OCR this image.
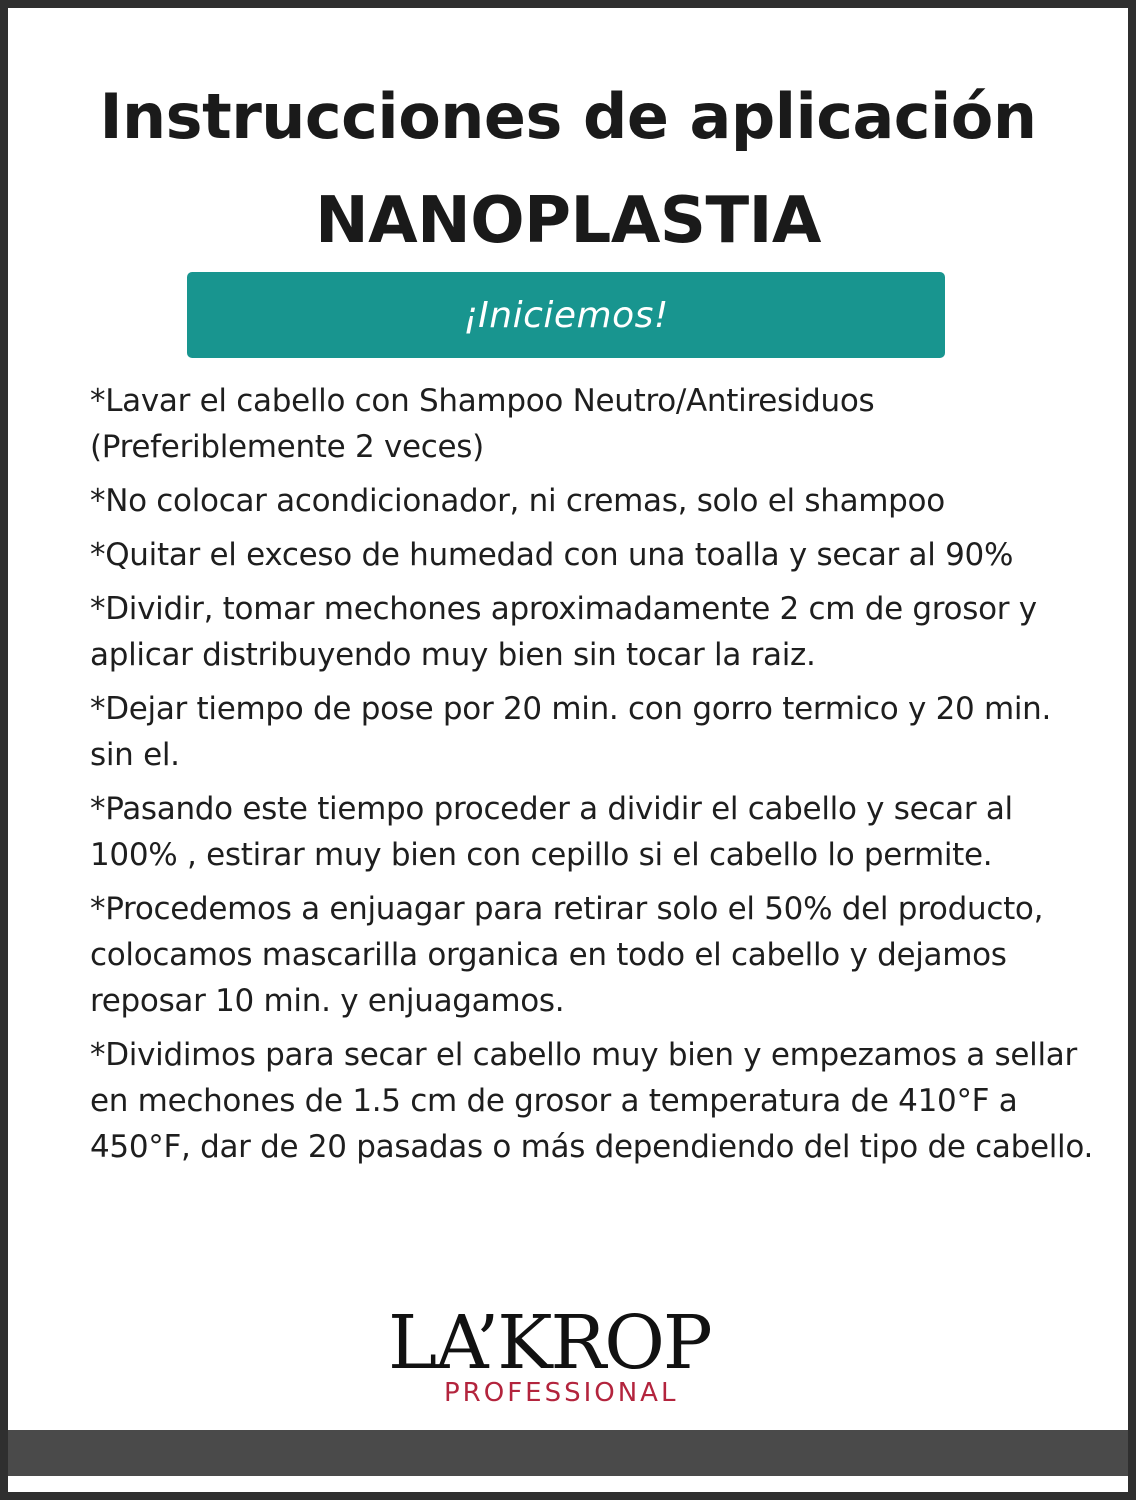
Instrucciones de aplicación
NANOPLASTIA
¡Iniciemos!
*Lavar el cabello con Shampoo Neutro/Antiresiduos (Preferiblemente 2 veces)
*No colocar acondicionador, ni cremas, solo el shampoo
*Quitar el exceso de humedad con una toalla y secar al 90%
*Dividir, tomar mechones aproximadamente 2 cm de grosor y aplicar distribuyendo muy bien sin tocar la raiz.
*Dejar tiempo de pose por 20 min. con gorro termico y 20 min. sin el.
*Pasando este tiempo proceder a dividir el cabello y secar al 100% , estirar muy bien con cepillo si el cabello lo permite.
*Procedemos a enjuagar para retirar solo el 50% del producto, colocamos mascarilla organica en todo el cabello y dejamos reposar 10 min. y enjuagamos.
*Dividimos para secar el cabello muy bien y empezamos a sellar en mechones de 1.5 cm de grosor a temperatura de 410°F a 450°F, dar de 20 pasadas o más dependiendo del tipo de cabello.
LA’KROP
PROFESSIONAL
